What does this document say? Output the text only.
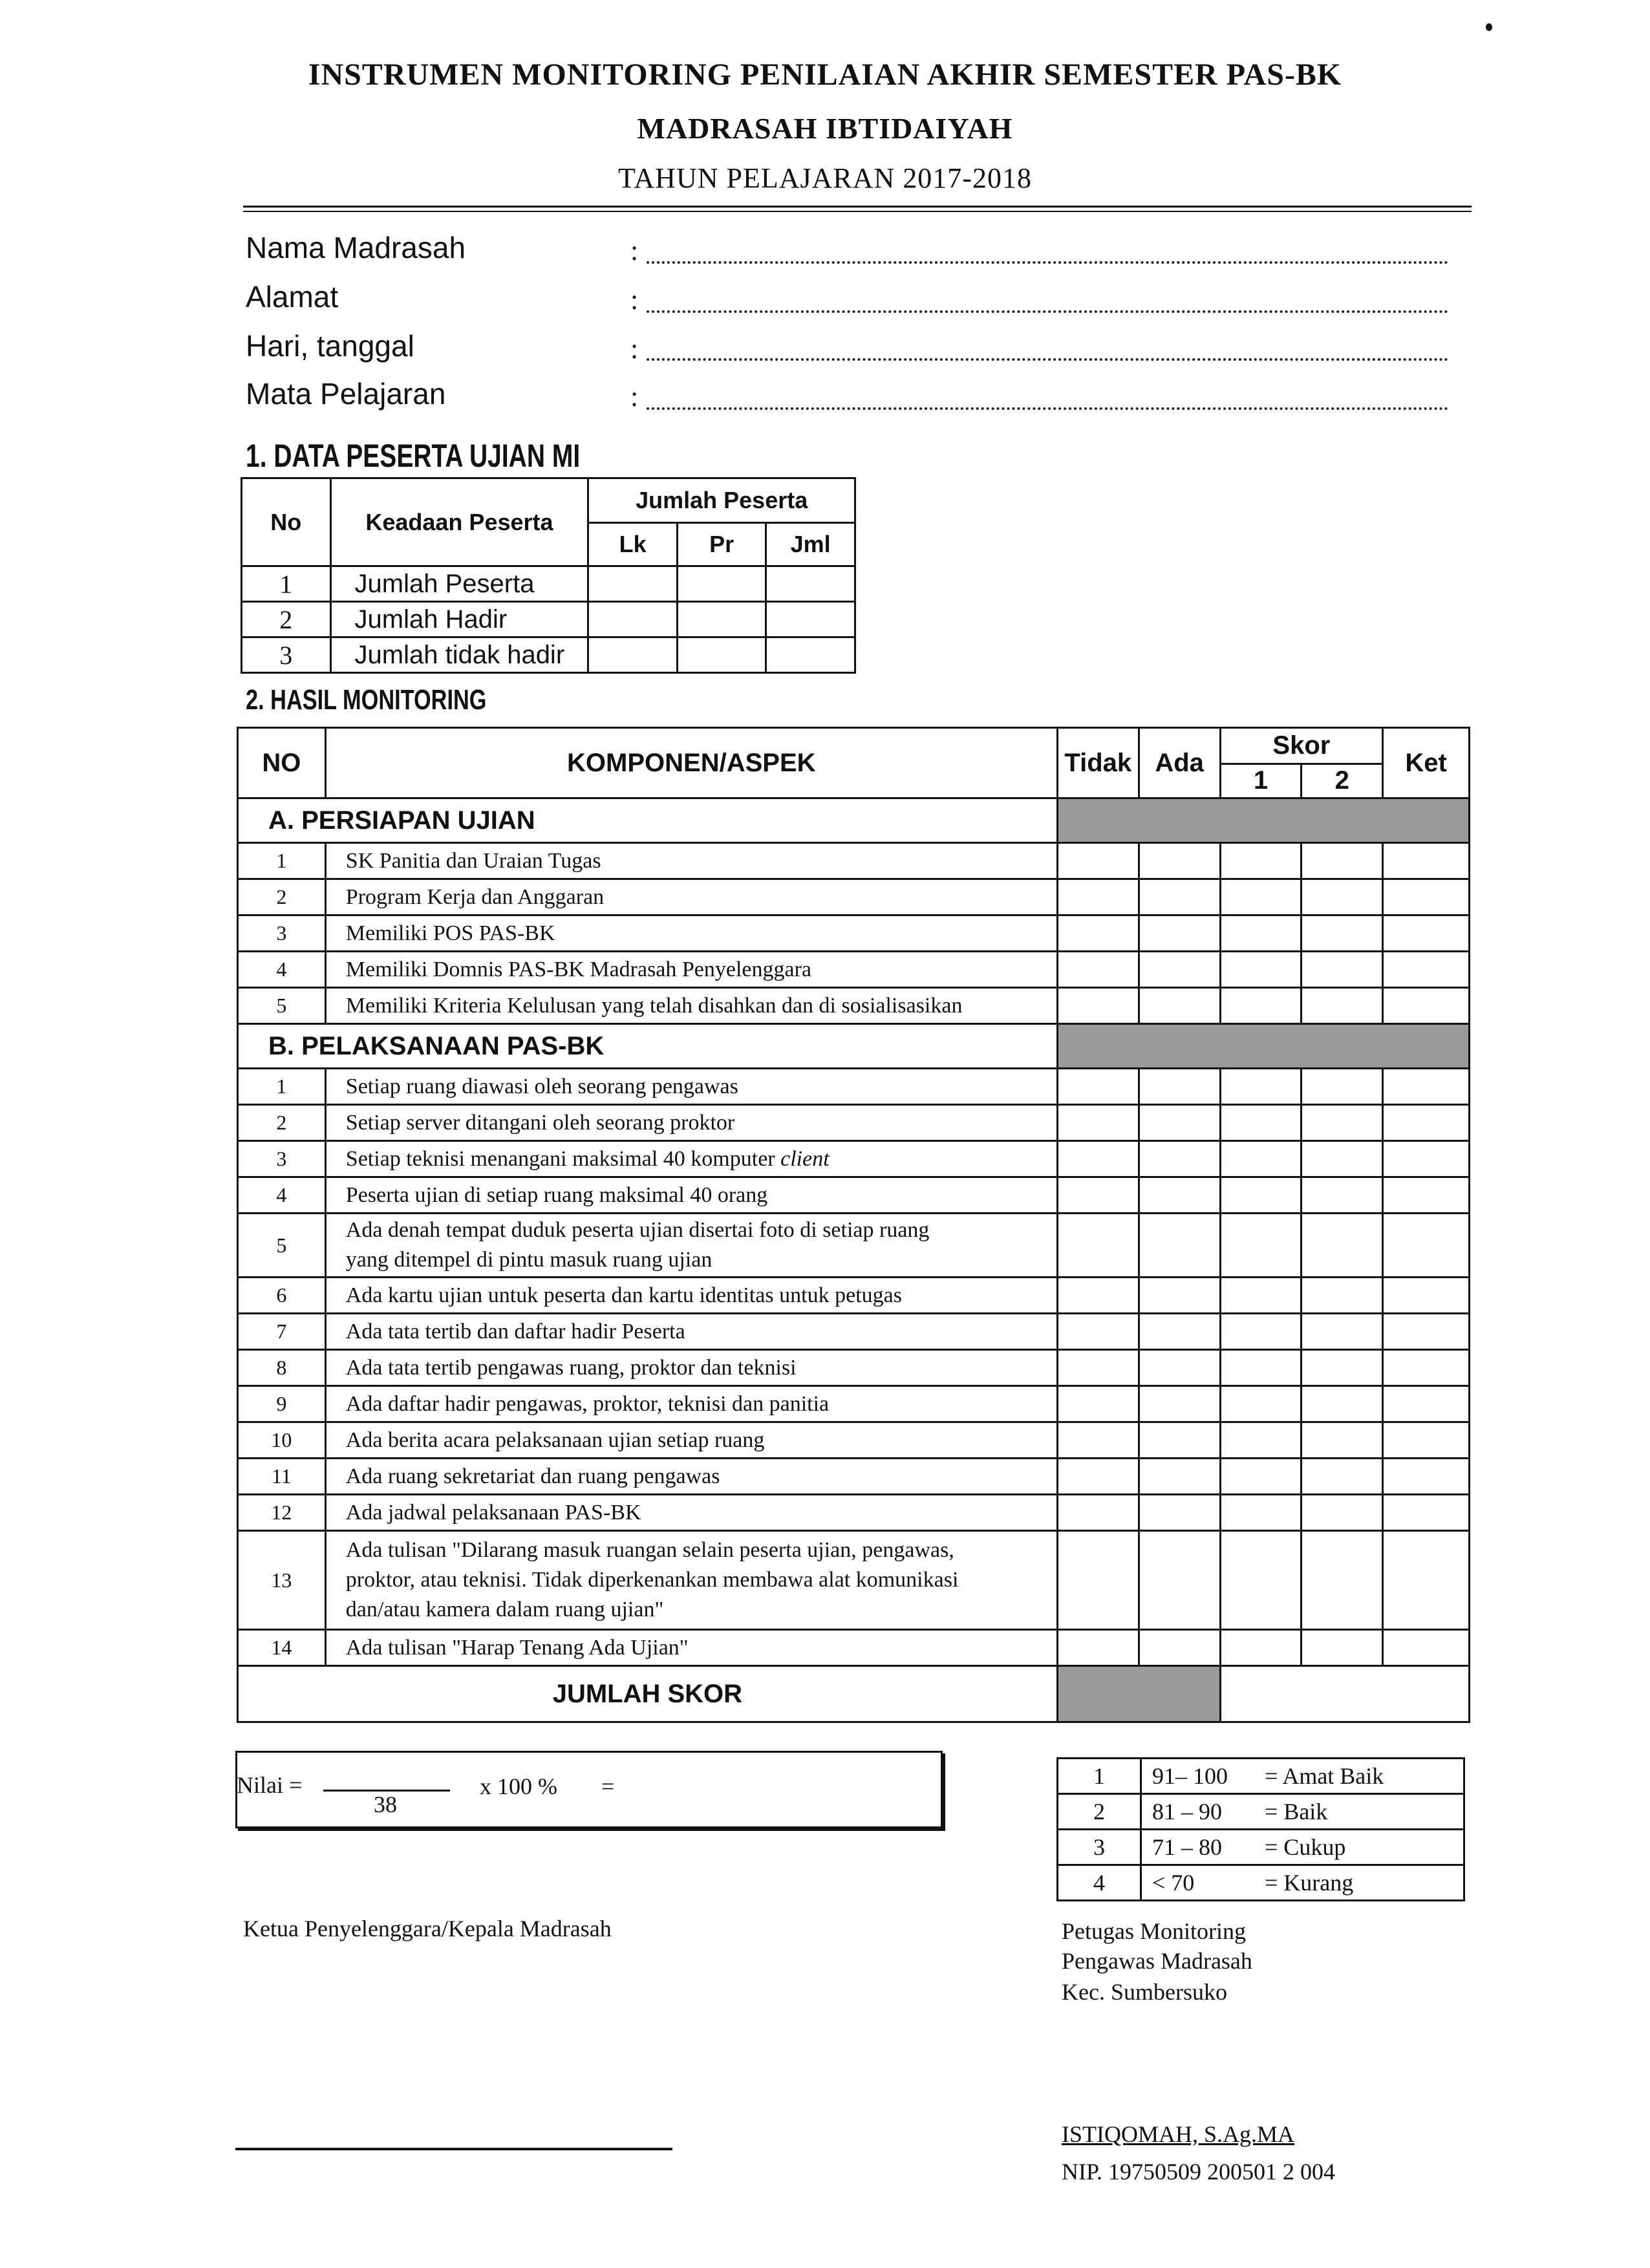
INSTRUMEN MONITORING PENILAIAN AKHIR SEMESTER PAS-BK
MADRASAH IBTIDAIYAH
TAHUN PELAJARAN 2017-2018
Nama Madrasah	:
Alamat	:
Hari, tanggal	:
Mata Pelajaran	:
1. DATA PESERTA UJIAN MI
No	Keadaan Peserta	Jumlah Peserta		
		Lk	Pr	Jml
1	Jumlah Peserta			
2	Jumlah Hadir			
3	Jumlah tidak hadir			
2. HASIL MONITORING
NO	KOMPONEN/ASPEK	Tidak	Ada	Skor		Ket
				1	2	
A. PERSIAPAN UJIAN						
1	SK Panitia dan Uraian Tugas					
2	Program Kerja dan Anggaran					
3	Memiliki POS PAS-BK					
4	Memiliki Domnis PAS-BK Madrasah Penyelenggara					
5	Memiliki Kriteria Kelulusan yang telah disahkan dan di sosialisasikan					
B. PELAKSANAAN PAS-BK						
1	Setiap ruang diawasi oleh seorang pengawas					
2	Setiap server ditangani oleh seorang proktor					
3	Setiap teknisi menangani maksimal 40 komputer client					
4	Peserta ujian di setiap ruang maksimal 40 orang					
5	Ada denah tempat duduk peserta ujian disertai foto di setiap ruang
yang ditempel di pintu masuk ruang ujian					
6	Ada kartu ujian untuk peserta dan kartu identitas untuk petugas					
7	Ada tata tertib dan daftar hadir Peserta					
8	Ada tata tertib pengawas ruang, proktor dan teknisi					
9	Ada daftar hadir pengawas, proktor, teknisi dan panitia					
10	Ada berita acara pelaksanaan ujian setiap ruang					
11	Ada ruang sekretariat dan ruang pengawas					
12	Ada jadwal pelaksanaan PAS-BK					
13	Ada tulisan "Dilarang masuk ruangan selain peserta ujian, pengawas,
proktor, atau teknisi. Tidak diperkenankan membawa alat komunikasi
dan/atau kamera dalam ruang ujian"					
14	Ada tulisan "Harap Tenang Ada Ujian"					
JUMLAH SKOR						
Nilai =
38
x 100 % =	1	91– 100	= Amat Baik
2	81 – 90	= Baik
3	71 – 80	= Cukup
4	< 70	= Kurang
Ketua Penyelenggara/Kepala Madrasah	Petugas Monitoring
Pengawas Madrasah
Kec. Sumbersuko
ISTIQOMAH, S.Ag.MA
NIP. 19750509 200501 2 004
